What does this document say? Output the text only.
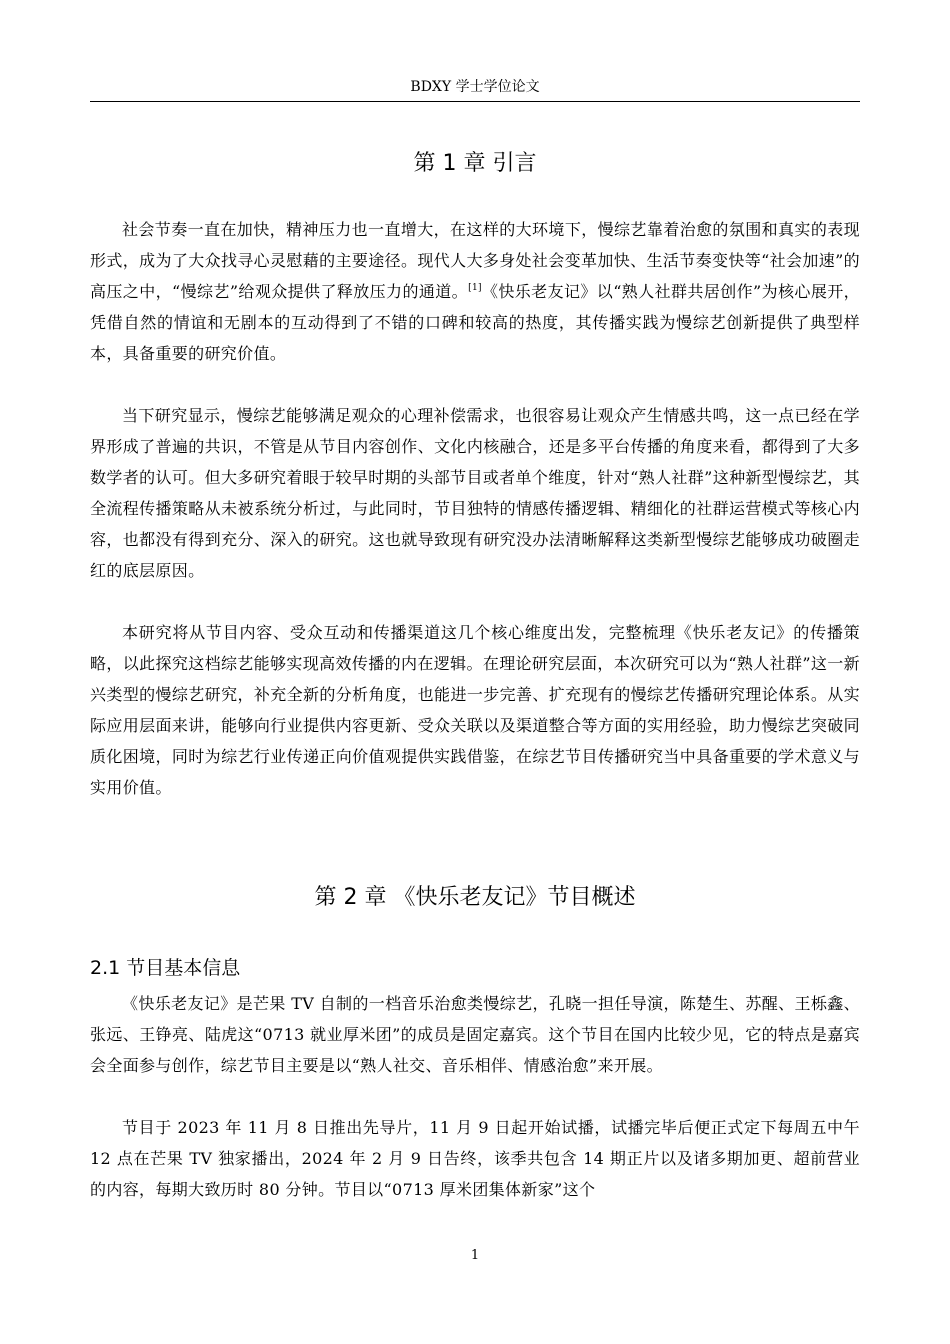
BDXY 学士学位论文
第 1 章 引言

社会节奏一直在加快，精神压力也一直增大，在这样的大环境下，慢综艺靠着治愈的氛围和真实的表现形式，成为了大众找寻心灵慰藉的主要途径。现代人大多身处社会变革加快、生活节奏变快等“社会加速”的高压之中，“慢综艺”给观众提供了释放压力的通道。[1]《快乐老友记》以“熟人社群共居创作”为核心展开，凭借自然的情谊和无剧本的互动得到了不错的口碑和较高的热度，其传播实践为慢综艺创新提供了典型样本，具备重要的研究价值。

当下研究显示，慢综艺能够满足观众的心理补偿需求，也很容易让观众产生情感共鸣，这一点已经在学界形成了普遍的共识，不管是从节目内容创作、文化内核融合，还是多平台传播的角度来看，都得到了大多数学者的认可。但大多研究着眼于较早时期的头部节目或者单个维度，针对“熟人社群”这种新型慢综艺，其全流程传播策略从未被系统分析过，与此同时，节目独特的情感传播逻辑、精细化的社群运营模式等核心内容，也都没有得到充分、深入的研究。这也就导致现有研究没办法清晰解释这类新型慢综艺能够成功破圈走红的底层原因。

本研究将从节目内容、受众互动和传播渠道这几个核心维度出发，完整梳理《快乐老友记》的传播策略，以此探究这档综艺能够实现高效传播的内在逻辑。在理论研究层面，本次研究可以为“熟人社群”这一新兴类型的慢综艺研究，补充全新的分析角度，也能进一步完善、扩充现有的慢综艺传播研究理论体系。从实际应用层面来讲，能够向行业提供内容更新、受众关联以及渠道整合等方面的实用经验，助力慢综艺突破同质化困境，同时为综艺行业传递正向价值观提供实践借鉴，在综艺节目传播研究当中具备重要的学术意义与实用价值。

第 2 章 《快乐老友记》节目概述
2.1 节目基本信息

《快乐老友记》是芒果 TV 自制的一档音乐治愈类慢综艺，孔晓一担任导演，陈楚生、苏醒、王栎鑫、张远、王铮亮、陆虎这“0713 就业厚米团”的成员是固定嘉宾。这个节目在国内比较少见，它的特点是嘉宾会全面参与创作，综艺节目主要是以“熟人社交、音乐相伴、情感治愈”来开展。

节目于 2023 年 11 月 8 日推出先导片，11 月 9 日起开始试播，试播完毕后便正式定下每周五中午 12 点在芒果 TV 独家播出，2024 年 2 月 9 日告终，该季共包含 14 期正片以及诸多期加更、超前营业的内容，每期大致历时 80 分钟。节目以“0713 厚米团集体新家”这个

1
